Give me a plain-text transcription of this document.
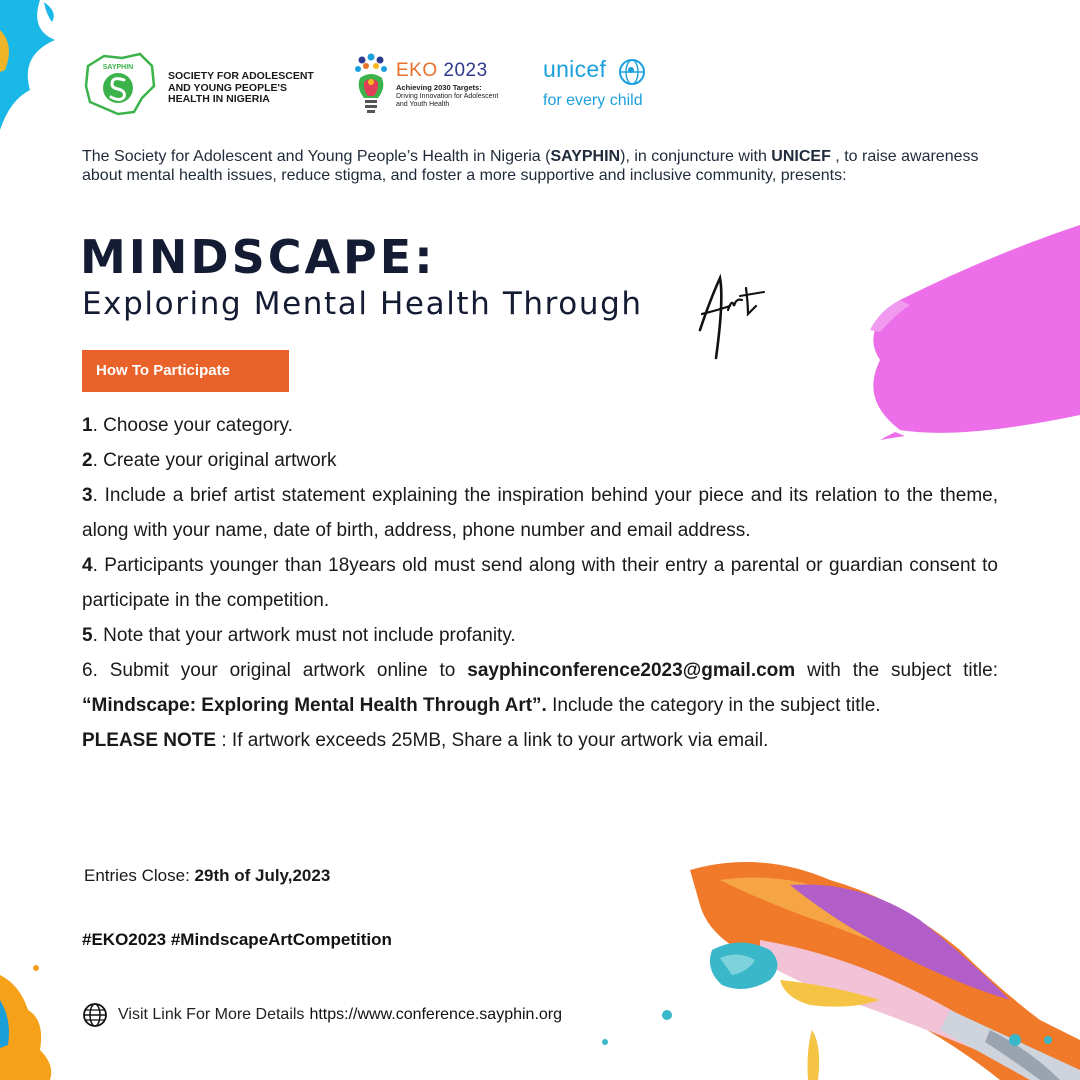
SAYPHIN
SOCIETY FOR ADOLESCENT
AND YOUNG PEOPLE'S
HEALTH IN NIGERIA
EKO 2023
Achieving 2030 Targets:
Driving Innovation for Adolescent and Youth Health
unicef
for every child
The Society for Adolescent and Young People’s Health in Nigeria (SAYPHIN), in conjuncture with UNICEF , to raise awareness about mental health issues, reduce stigma, and foster a more supportive and inclusive community, presents:
MINDSCAPE:
Exploring Mental Health Through
How To Participate

1. Choose your category.

2. Create your original artwork

3. Include a brief artist statement explaining the inspiration behind your piece and its relation to the theme, along with your name, date of birth, address, phone number and email address.

4. Participants younger than 18years old must send along with their entry a parental or guardian consent to participate in the competition.

5. Note that your artwork must not include profanity.

6. Submit your original artwork online to sayphinconference2023@gmail.com with the subject title: “Mindscape: Exploring Mental Health Through Art”. Include the category in the subject title.

PLEASE NOTE : If artwork exceeds 25MB, Share a link to your artwork via email.

Entries Close: 29th of July,2023
#EKO2023 #MindscapeArtCompetition
Visit Link For More Details https://www.conference.sayphin.org
